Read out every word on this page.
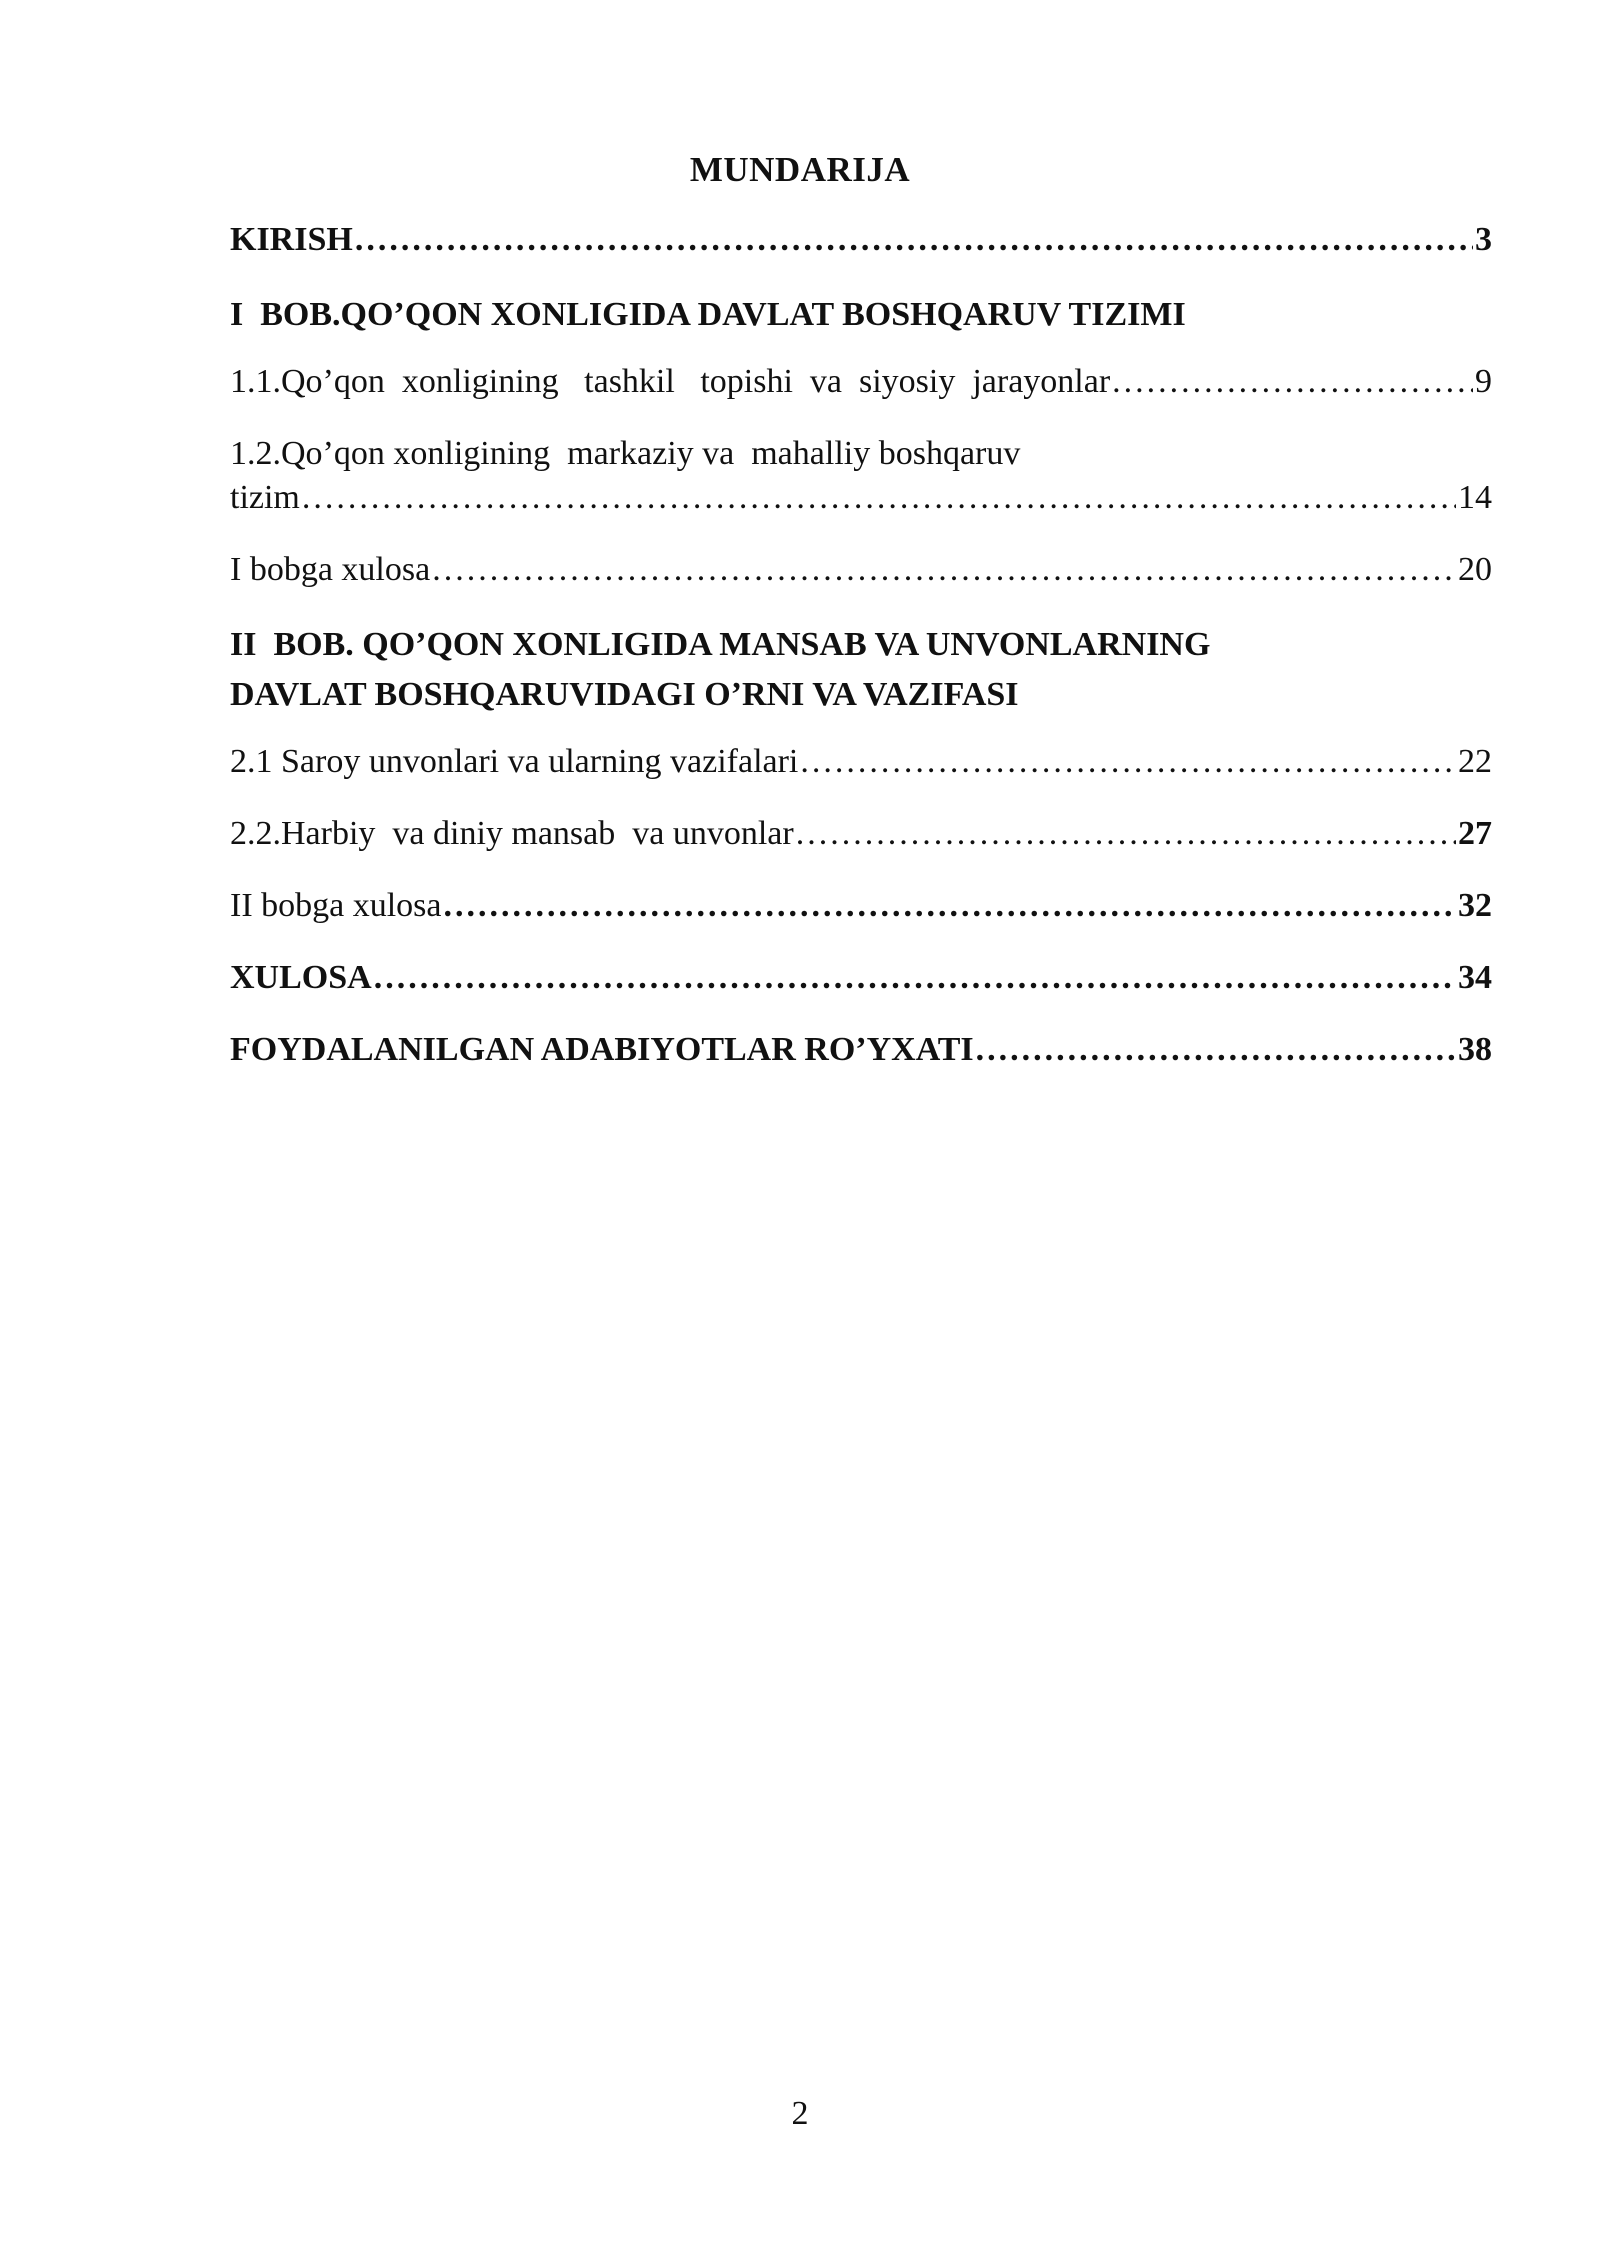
MUNDARIJA
KIRISH .....	3
I  BOB.QO’QON XONLIGIDA DAVLAT BOSHQARUV TIZIMI
1.1.Qo’qon  xonligining   tashkil   topishi  va  siyosiy  jarayonlar .....	9
1.2.Qo’qon xonligining  markaziy va  mahalliy boshqaruv
tizim .....	14
I bobga xulosa .....	20
II  BOB. QO’QON XONLIGIDA MANSAB VA UNVONLARNING
DAVLAT BOSHQARUVIDAGI O’RNI VA VAZIFASI
2.1 Saroy unvonlari va ularning vazifalari .....	22
2.2.Harbiy  va diniy mansab  va unvonlar .....	27
II bobga xulosa .....	32
XULOSA .....	34
FOYDALANILGAN ADABIYOTLAR RO’YXATI .....	38
2
